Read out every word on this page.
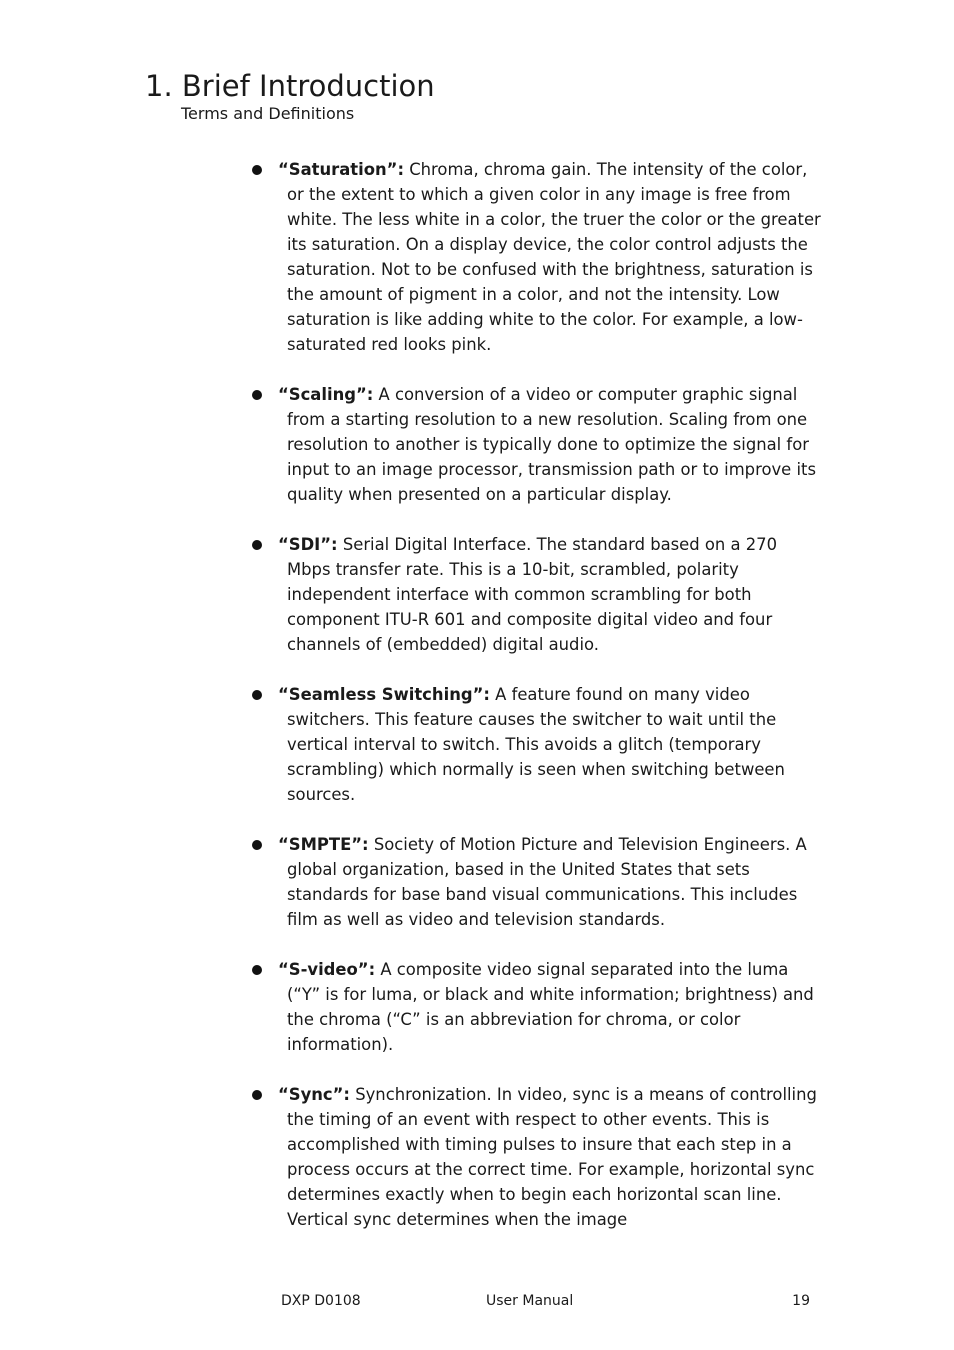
1. Brief Introduction

Terms and Definitions

“Saturation”: Chroma, chroma gain. The intensity of the color, or the extent to which a given color in any image is free from white. The less white in a color, the truer the color or the greater its saturation. On a display device, the color control adjusts the saturation. Not to be confused with the brightness, saturation is the amount of pigment in a color, and not the intensity. Low saturation is like adding white to the color. For example, a low-saturated red looks pink.
“Scaling”: A conversion of a video or computer graphic signal from a starting resolution to a new resolution. Scaling from one resolution to another is typically done to optimize the signal for input to an image processor, transmission path or to improve its quality when presented on a particular display.
“SDI”: Serial Digital Interface. The standard based on a 270 Mbps transfer rate. This is a 10-bit, scrambled, polarity independent interface with common scrambling for both component ITU-R 601 and composite digital video and four channels of (embedded) digital audio.
“Seamless Switching”: A feature found on many video switchers. This feature causes the switcher to wait until the vertical interval to switch. This avoids a glitch (temporary scrambling) which normally is seen when switching between sources.
“SMPTE”: Society of Motion Picture and Television Engineers. A global organization, based in the United States that sets standards for base band visual communications. This includes film as well as video and television standards.
“S-video”: A composite video signal separated into the luma (“Y” is for luma, or black and white information; brightness) and the chroma (“C” is an abbreviation for chroma, or color information).
“Sync”: Synchronization. In video, sync is a means of controlling the timing of an event with respect to other events. This is accomplished with timing pulses to insure that each step in a process occurs at the correct time. For example, horizontal sync determines exactly when to begin each horizontal scan line. Vertical sync determines when the image
DXP D0108	User Manual	19
